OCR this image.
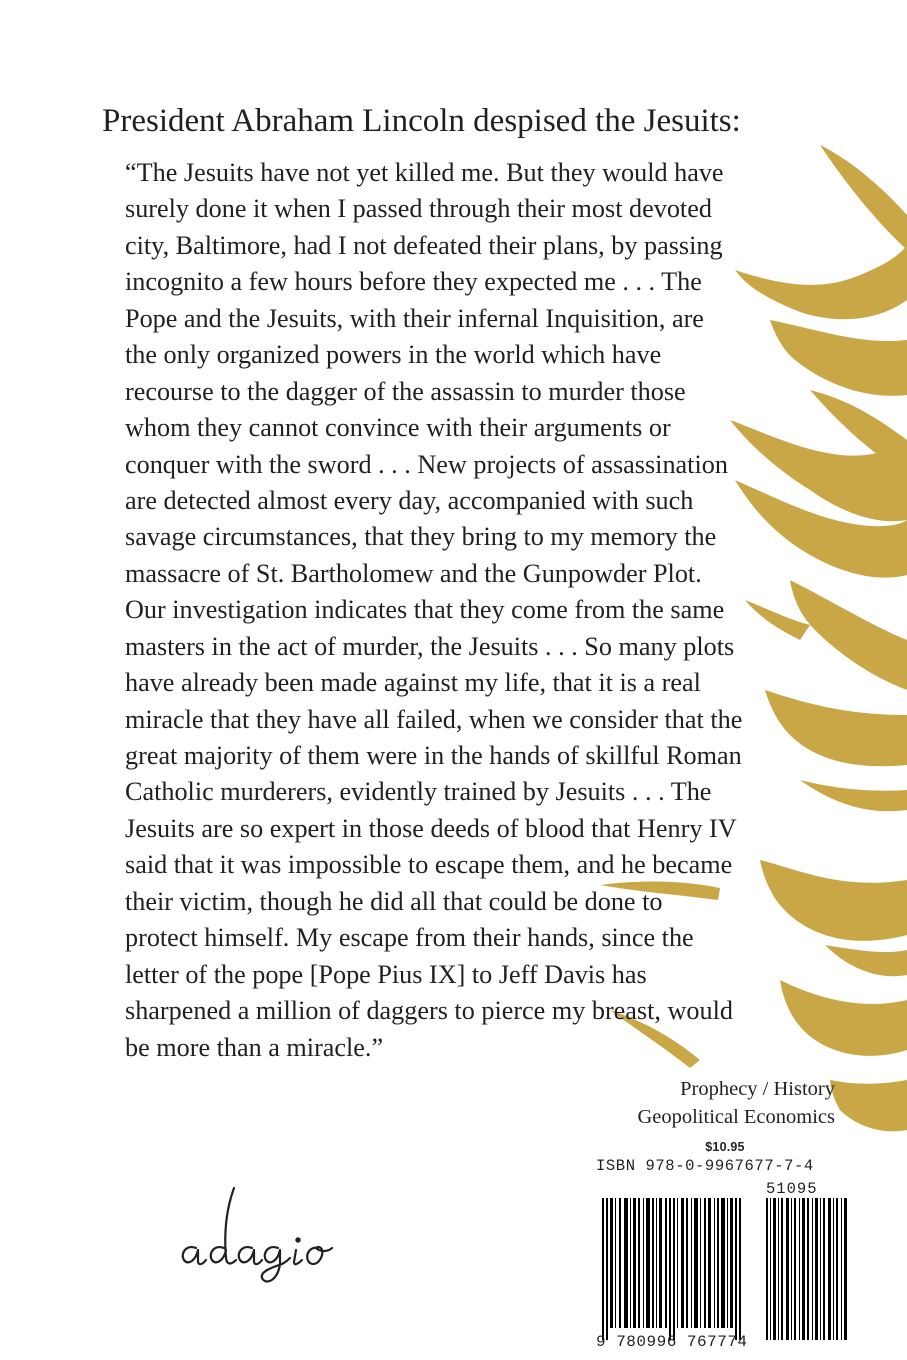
President Abraham Lincoln despised the Jesuits:
“The Jesuits have not yet killed me. But they would have
surely done it when I passed through their most devoted
city, Baltimore, had I not defeated their plans, by passing
incognito a few hours before they expected me . . . The
Pope and the Jesuits, with their infernal Inquisition, are
the only organized powers in the world which have
recourse to the dagger of the assassin to murder those
whom they cannot convince with their arguments or
conquer with the sword . . . New projects of assassination
are detected almost every day, accompanied with such
savage circumstances, that they bring to my memory the
massacre of St. Bartholomew and the Gunpowder Plot.
Our investigation indicates that they come from the same
masters in the act of murder, the Jesuits . . . So many plots
have already been made against my life, that it is a real
miracle that they have all failed, when we consider that the
great majority of them were in the hands of skillful Roman
Catholic murderers, evidently trained by Jesuits . . . The
Jesuits are so expert in those deeds of blood that Henry IV
said that it was impossible to escape them, and he became
their victim, though he did all that could be done to
protect himself. My escape from their hands, since the
letter of the pope [Pope Pius IX] to Jeff Davis has
sharpened a million of daggers to pierce my breast, would
be more than a miracle.”
Prophecy / History
Geopolitical Economics
$10.95
ISBN 978-0-9967677-7-4
51095
9 780996 767774
